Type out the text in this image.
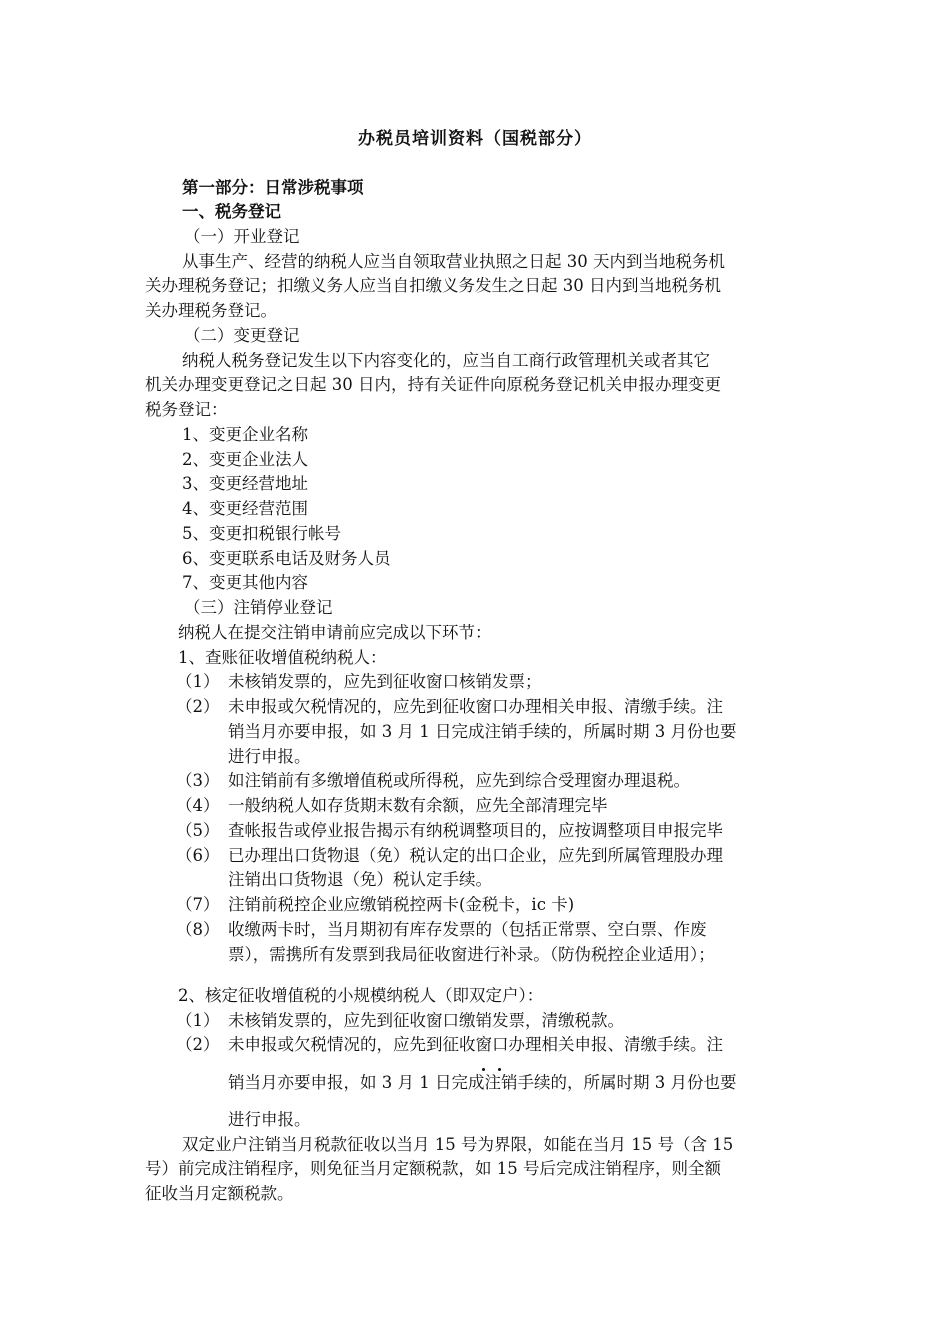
办税员培训资料（国税部分）
第一部分：日常涉税事项
一、税务登记
（一）开业登记
从事生产、经营的纳税人应当自领取营业执照之日起 30 天内到当地税务机
关办理税务登记；扣缴义务人应当自扣缴义务发生之日起 30 日内到当地税务机
关办理税务登记。
（二）变更登记
纳税人税务登记发生以下内容变化的，应当自工商行政管理机关或者其它
机关办理变更登记之日起 30 日内，持有关证件向原税务登记机关申报办理变更
税务登记：
1、变更企业名称
2、变更企业法人
3、变更经营地址
4、变更经营范围
5、变更扣税银行帐号
6、变更联系电话及财务人员
7、变更其他内容
（三）注销停业登记
纳税人在提交注销申请前应完成以下环节：
1、查账征收增值税纳税人：
（1） 未核销发票的，应先到征收窗口核销发票；
（2） 未申报或欠税情况的，应先到征收窗口办理相关申报、清缴手续。注
销当月亦要申报，如 3 月 1 日完成注销手续的，所属时期 3 月份也要
进行申报。
（3） 如注销前有多缴增值税或所得税，应先到综合受理窗办理退税。
（4） 一般纳税人如存货期末数有余额，应先全部清理完毕
（5） 查帐报告或停业报告揭示有纳税调整项目的，应按调整项目申报完毕
（6） 已办理出口货物退（免）税认定的出口企业，应先到所属管理股办理
注销出口货物退（免）税认定手续。
（7） 注销前税控企业应缴销税控两卡(金税卡，ic 卡)
（8） 收缴两卡时，当月期初有库存发票的（包括正常票、空白票、作废
票），需携所有发票到我局征收窗进行补录。（防伪税控企业适用）；
2、核定征收增值税的小规模纳税人（即双定户）：
（1） 未核销发票的，应先到征收窗口缴销发票，清缴税款。
（2） 未申报或欠税情况的，应先到征收窗口办理相关申报、清缴手续。注
销当月亦要申报，如 3 月 1 日完成注销手续的，所属时期 3 月份也要
进行申报。
双定业户注销当月税款征收以当月 15 号为界限，如能在当月 15 号（含 15
号）前完成注销程序，则免征当月定额税款，如 15 号后完成注销程序，则全额
征收当月定额税款。
